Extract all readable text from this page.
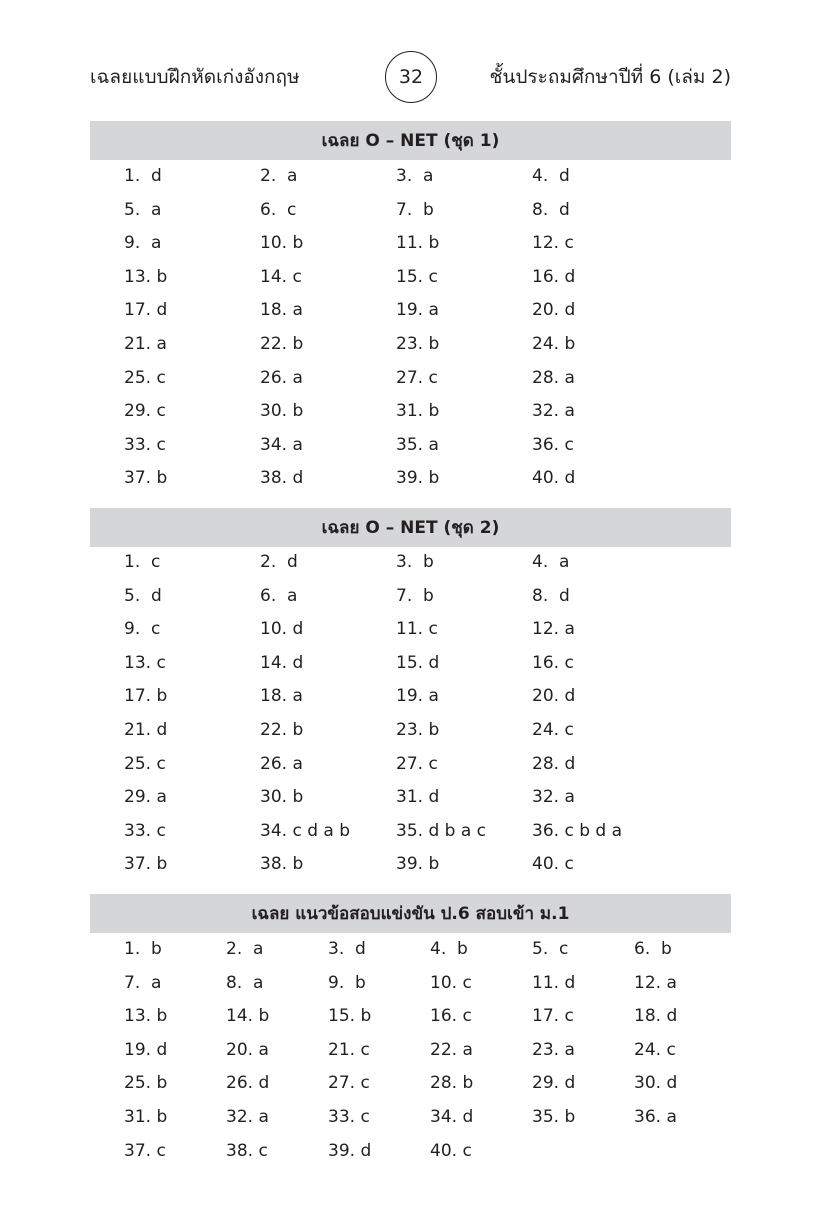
เฉลยแบบฝึกหัดเก่งอังกฤษ	32	ชั้นประถมศึกษาปีที่ 6 (เล่ม 2)
เฉลย O – NET (ชุด 1)
1.  d	2.  a	3.  a	4.  d
5.  a	6.  c	7.  b	8.  d
9.  a	10. b	11. b	12. c
13. b	14. c	15. c	16. d
17. d	18. a	19. a	20. d
21. a	22. b	23. b	24. b
25. c	26. a	27. c	28. a
29. c	30. b	31. b	32. a
33. c	34. a	35. a	36. c
37. b	38. d	39. b	40. d
เฉลย O – NET (ชุด 2)
1.  c	2.  d	3.  b	4.  a
5.  d	6.  a	7.  b	8.  d
9.  c	10. d	11. c	12. a
13. c	14. d	15. d	16. c
17. b	18. a	19. a	20. d
21. d	22. b	23. b	24. c
25. c	26. a	27. c	28. d
29. a	30. b	31. d	32. a
33. c	34. c d a b	35. d b a c	36. c b d a
37. b	38. b	39. b	40. c
เฉลย แนวข้อสอบแข่งขัน ป.6 สอบเข้า ม.1
1.  b	2.  a	3.  d	4.  b	5.  c	6.  b
7.  a	8.  a	9.  b	10. c	11. d	12. a
13. b	14. b	15. b	16. c	17. c	18. d
19. d	20. a	21. c	22. a	23. a	24. c
25. b	26. d	27. c	28. b	29. d	30. d
31. b	32. a	33. c	34. d	35. b	36. a
37. c	38. c	39. d	40. c
